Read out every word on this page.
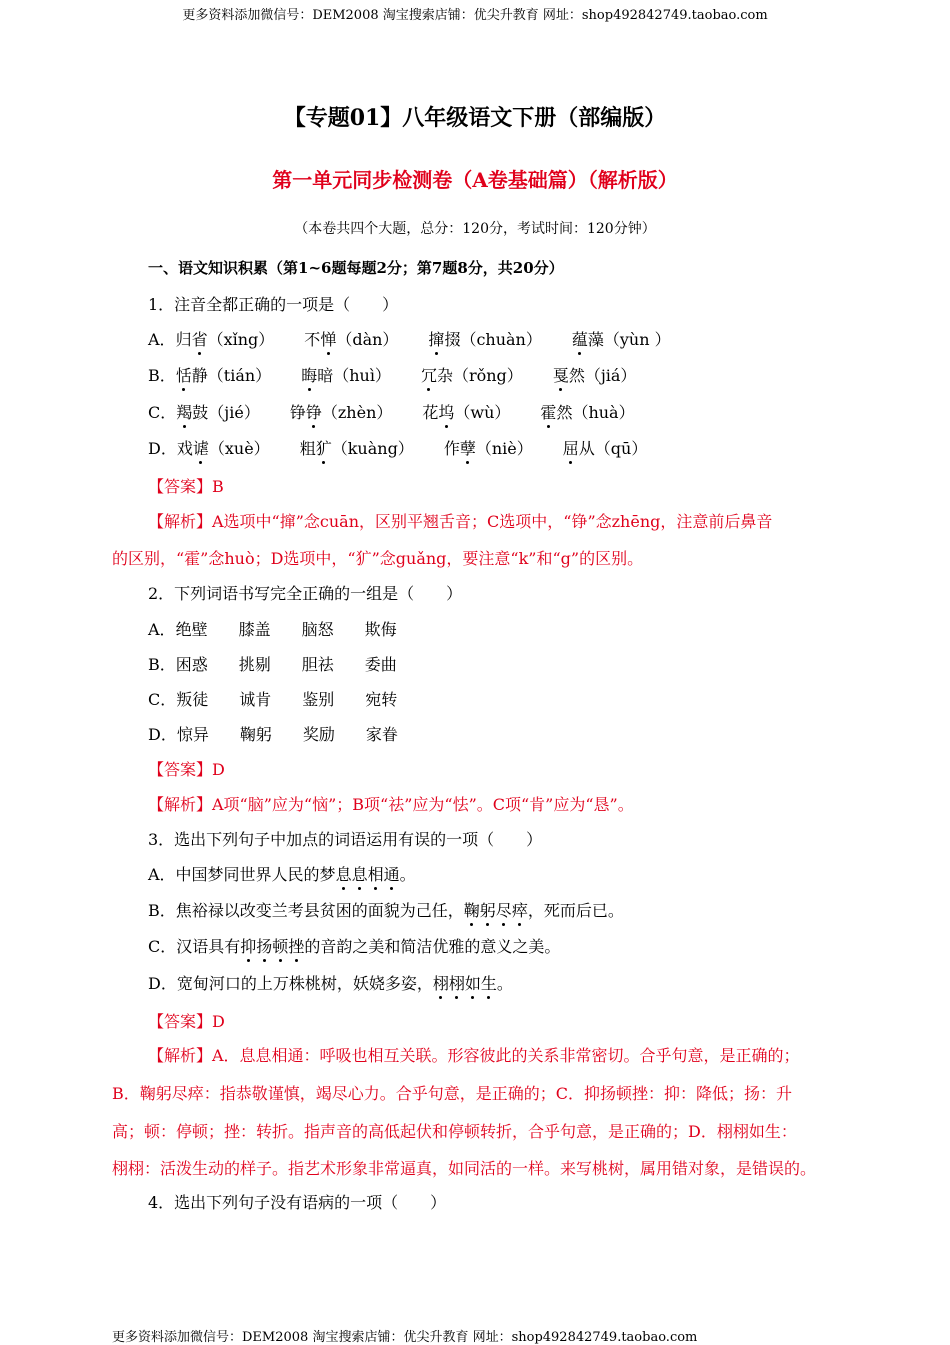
更多资料添加微信号：DEM2008 淘宝搜索店铺：优尖升教育 网址：shop492842749.taobao.com
【专题01】八年级语文下册（部编版）
第一单元同步检测卷（A卷基础篇）（解析版）
（本卷共四个大题，总分：120分，考试时间：120分钟）
一、语文知识积累（第1~6题每题2分；第7题8分，共20分）
1．注音全都正确的一项是（　　）
A．归省（xǐng） 不惮（dàn） 撺掇（chuàn） 蕴藻（yùn ）
B．恬静（tián） 晦暗（huì） 冗杂（rǒng） 戛然（jiá）
C．羯鼓（jié） 铮铮（zhèn） 花坞（wù） 霍然（huà）
D．戏谑（xuè） 粗犷（kuàng） 作孽（niè） 屈从（qū）
【答案】B
【解析】A选项中“撺”念cuān，区别平翘舌音；C选项中，“铮”念zhēng，注意前后鼻音
的区别，“霍”念huò；D选项中，“犷”念guǎng，要注意“k”和“g”的区别。
2．下列词语书写完全正确的一组是（　　）
A．绝壁 膝盖 脑怒 欺侮
B．困惑 挑剔 胆祛 委曲
C．叛徒 诚肯 鉴别 宛转
D．惊异 鞠躬 奖励 家眷
【答案】D
【解析】A项“脑”应为“恼”；B项“祛”应为“怯”。C项“肯”应为“恳”。
3．选出下列句子中加点的词语运用有误的一项（　　）
A．中国梦同世界人民的梦息息相通。
B．焦裕禄以改变兰考县贫困的面貌为己任，鞠躬尽瘁，死而后已。
C．汉语具有抑扬顿挫的音韵之美和简洁优雅的意义之美。
D．宽甸河口的上万株桃树，妖娆多姿，栩栩如生。
【答案】D
【解析】A．息息相通：呼吸也相互关联。形容彼此的关系非常密切。合乎句意，是正确的；
B．鞠躬尽瘁：指恭敬谨慎，竭尽心力。合乎句意，是正确的；C．抑扬顿挫：抑：降低；扬：升
高；顿：停顿；挫：转折。指声音的高低起伏和停顿转折，合乎句意，是正确的；D．栩栩如生：
栩栩：活泼生动的样子。指艺术形象非常逼真，如同活的一样。来写桃树，属用错对象，是错误的。
4．选出下列句子没有语病的一项（　　）
更多资料添加微信号：DEM2008 淘宝搜索店铺：优尖升教育 网址：shop492842749.taobao.com
